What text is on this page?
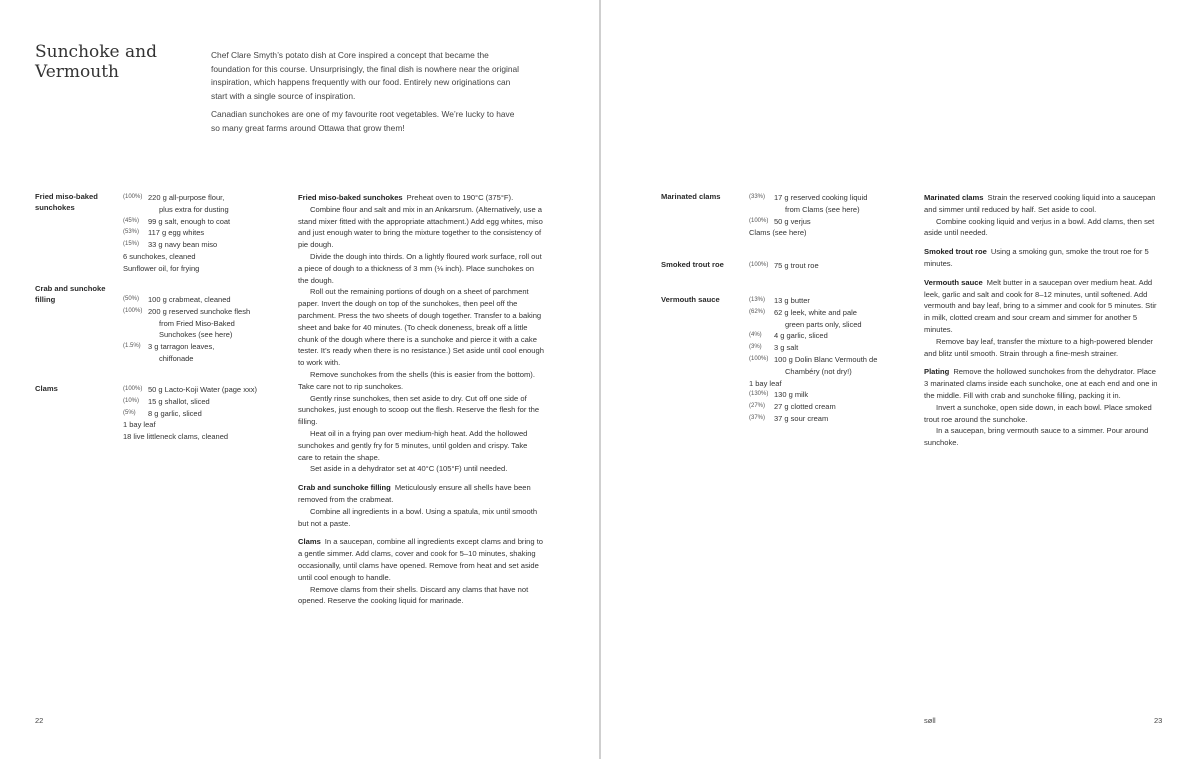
Sunchoke and
Vermouth

Chef Clare Smyth’s potato dish at Core inspired a concept that became the foundation for this course. Unsurprisingly, the final dish is nowhere near the original inspiration, which happens frequently with our food. Entirely new originations can start with a single source of inspiration.

Canadian sunchokes are one of my favourite root vegetables. We’re lucky to have so many great farms around Ottawa that grow them!

Fried miso-baked sunchokes
(100%) 220 g all-purpose flour,
plus extra for dusting
(45%) 99 g salt, enough to coat
(53%) 117 g egg whites
(15%) 33 g navy bean miso
6 sunchokes, cleaned
Sunflower oil, for frying
Crab and sunchoke filling	(50%) 100 g crabmeat, cleaned
(100%) 200 g reserved sunchoke flesh
from Fried Miso-Baked Sunchokes (see here)
(1.5%) 3 g tarragon leaves,
chiffonade
Clams	(100%) 50 g Lacto-Koji Water (page xxx)
(10%) 15 g shallot, sliced
(5%) 8 g garlic, sliced
1 bay leaf
18 live littleneck clams, cleaned

Fried miso-baked sunchokes Preheat oven to 190°C (375°F).

Combine flour and salt and mix in an Ankarsrum. (Alternatively, use a stand mixer fitted with the appropriate attachment.) Add egg whites, miso and just enough water to bring the mixture together to the consistency of pie dough.

Divide the dough into thirds. On a lightly floured work surface, roll out a piece of dough to a thickness of 3 mm (⅛ inch). Place sunchokes on the dough.

Roll out the remaining portions of dough on a sheet of parchment paper. Invert the dough on top of the sunchokes, then peel off the parchment. Press the two sheets of dough together. Transfer to a baking sheet and bake for 40 minutes. (To check doneness, break off a little chunk of the dough where there is a sunchoke and pierce it with a cake tester. It’s ready when there is no resistance.) Set aside until cool enough to work with.

Remove sunchokes from the shells (this is easier from the bottom). Take care not to rip sunchokes.

Gently rinse sunchokes, then set aside to dry. Cut off one side of sunchokes, just enough to scoop out the flesh. Reserve the flesh for the filling.

Heat oil in a frying pan over medium-high heat. Add the hollowed sunchokes and gently fry for 5 minutes, until golden and crispy. Take care to retain the shape.

Set aside in a dehydrator set at 40°C (105°F) until needed.

Crab and sunchoke filling Meticulously ensure all shells have been removed from the crabmeat.

Combine all ingredients in a bowl. Using a spatula, mix until smooth but not a paste.

Clams In a saucepan, combine all ingredients except clams and bring to a gentle simmer. Add clams, cover and cook for 5–10 minutes, shaking occasionally, until clams have opened. Remove from heat and set aside until cool enough to handle.

Remove clams from their shells. Discard any clams that have not opened. Reserve the cooking liquid for marinade.

22
Marinated clams	(33%) 17 g reserved cooking liquid
from Clams (see here)
(100%) 50 g verjus
Clams (see here)
Smoked trout roe	(100%) 75 g trout roe
Vermouth sauce	(13%) 13 g butter
(62%) 62 g leek, white and pale
green parts only, sliced
(4%) 4 g garlic, sliced
(3%) 3 g salt
(100%) 100 g Dolin Blanc Vermouth de
Chambéry (not dry!)
1 bay leaf
(130%) 130 g milk
(27%) 27 g clotted cream
(37%) 37 g sour cream

Marinated clams Strain the reserved cooking liquid into a saucepan and simmer until reduced by half. Set aside to cool.

Combine cooking liquid and verjus in a bowl. Add clams, then set aside until needed.

Smoked trout roe Using a smoking gun, smoke the trout roe for 5 minutes.

Vermouth sauce Melt butter in a saucepan over medium heat. Add leek, garlic and salt and cook for 8–12 minutes, until softened. Add vermouth and bay leaf, bring to a simmer and cook for 5 minutes. Stir in milk, clotted cream and sour cream and simmer for another 5 minutes.

Remove bay leaf, transfer the mixture to a high-powered blender and blitz until smooth. Strain through a fine-mesh strainer.

Plating Remove the hollowed sunchokes from the dehydrator. Place 3 marinated clams inside each sunchoke, one at each end and one in the middle. Fill with crab and sunchoke filling, packing it in.

Invert a sunchoke, open side down, in each bowl. Place smoked trout roe around the sunchoke.

In a saucepan, bring vermouth sauce to a simmer. Pour around sunchoke.

søll	23
